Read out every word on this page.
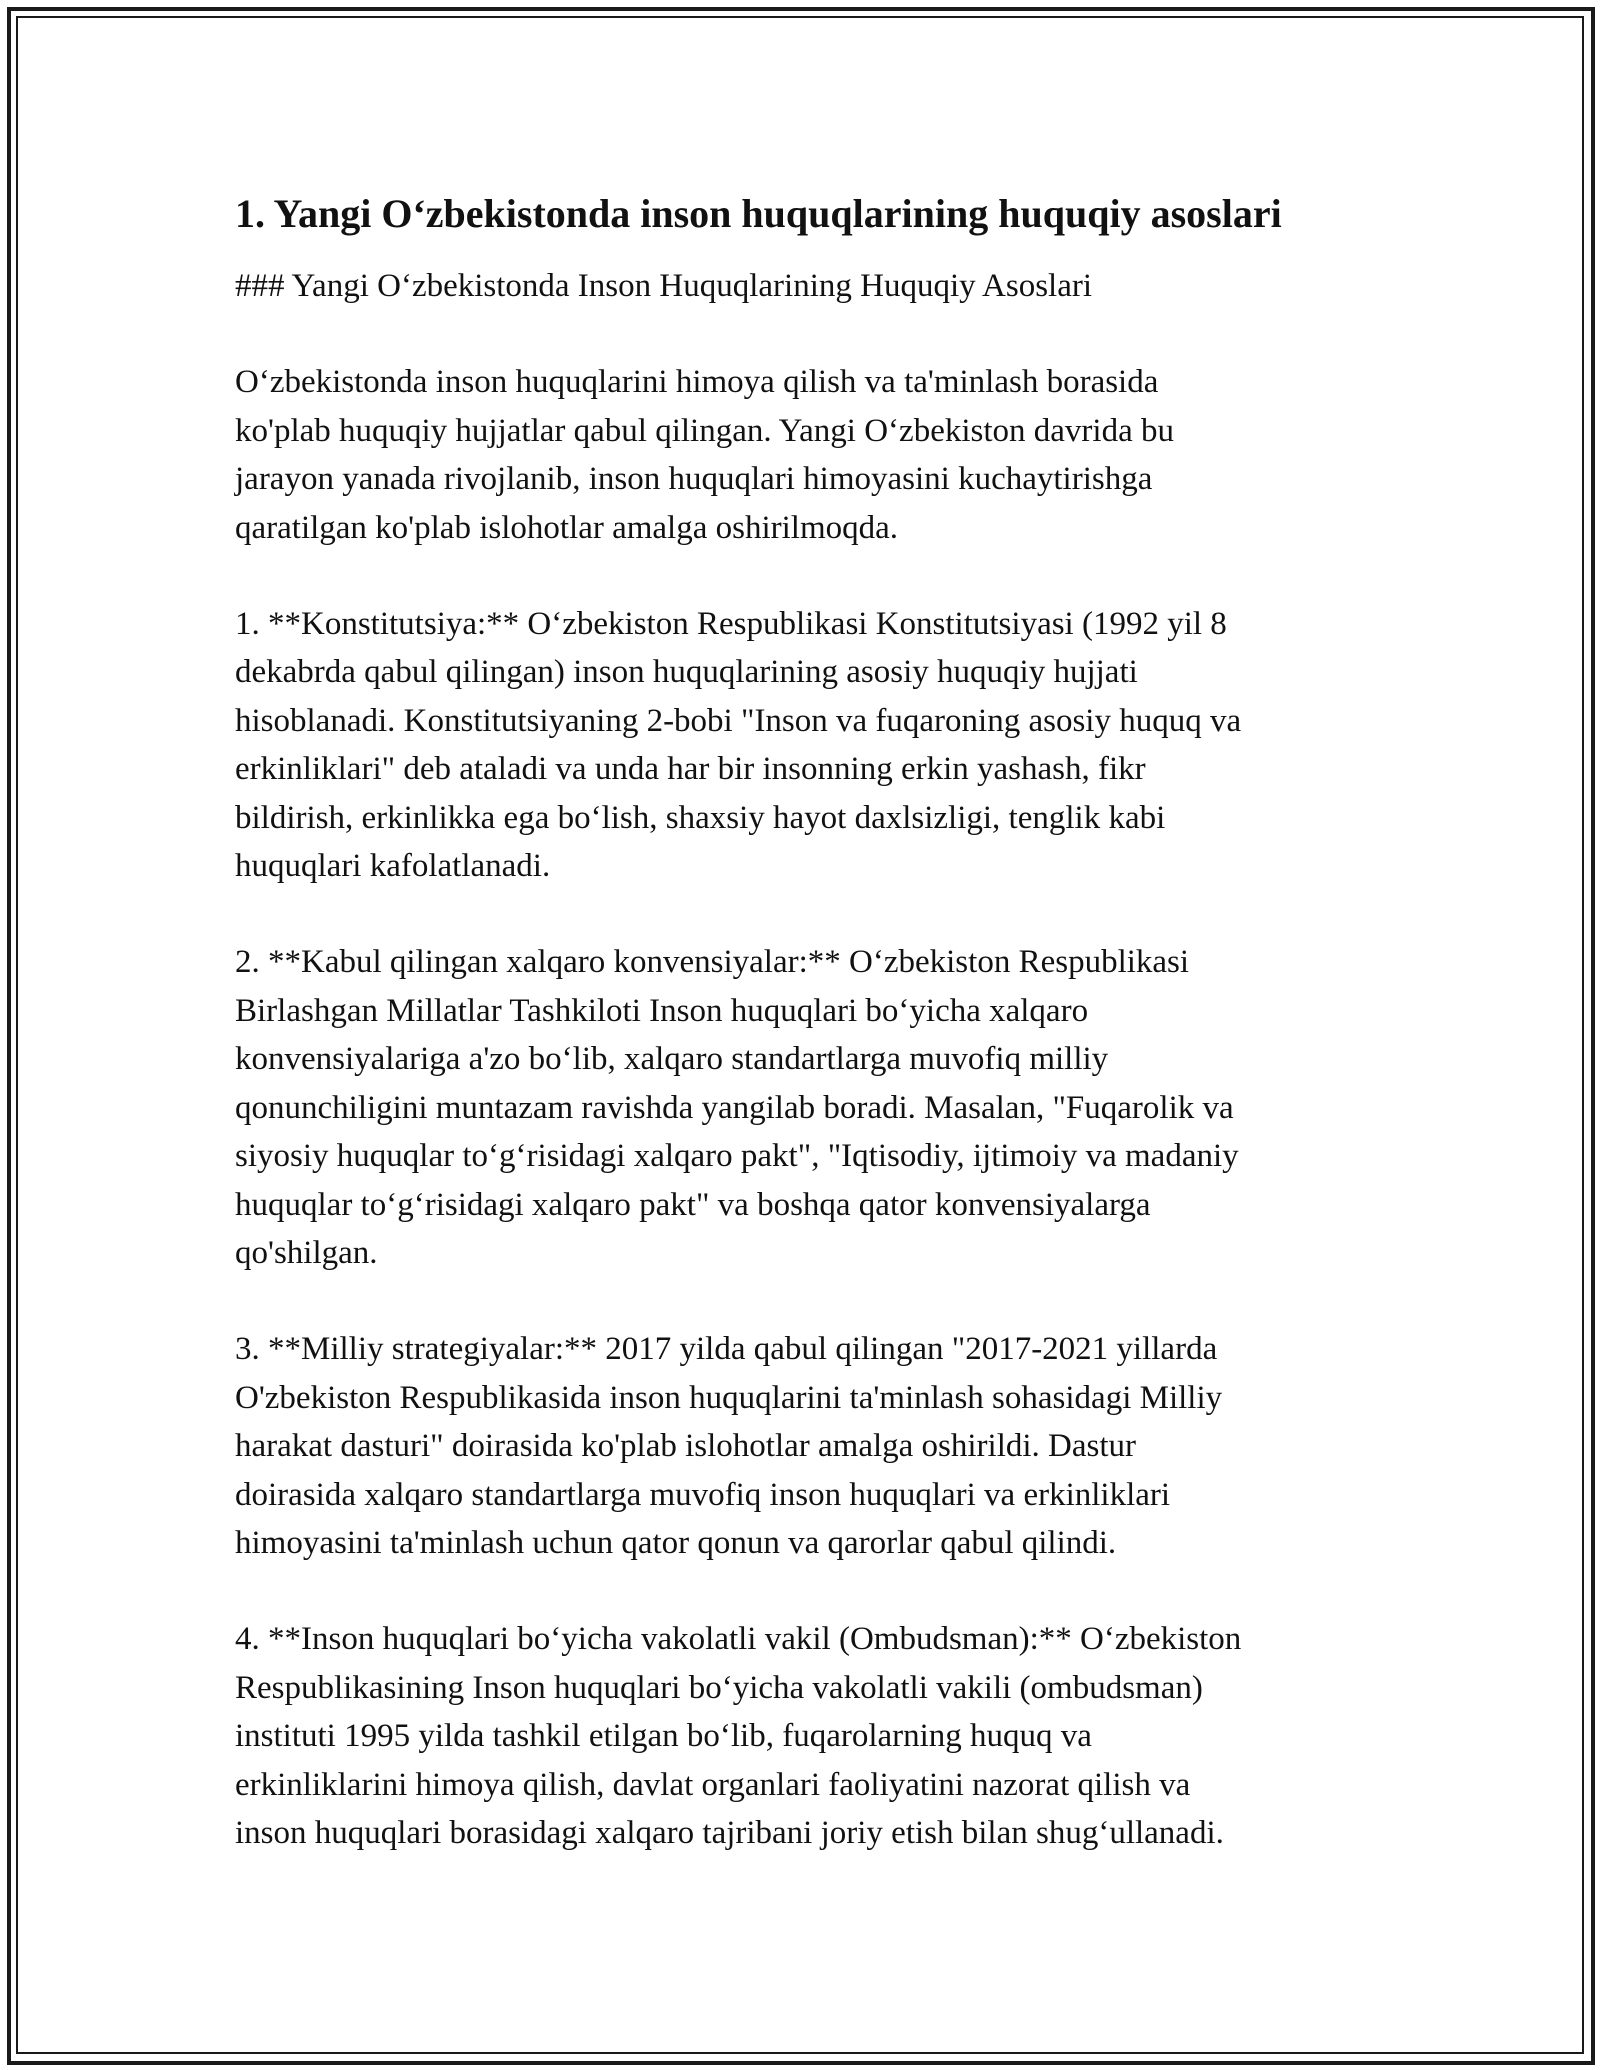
1. Yangi O‘zbekistonda inson huquqlarining huquqiy asoslari

### Yangi O‘zbekistonda Inson Huquqlarining Huquqiy Asoslari

O‘zbekistonda inson huquqlarini himoya qilish va ta'minlash borasida
ko'plab huquqiy hujjatlar qabul qilingan. Yangi O‘zbekiston davrida bu
jarayon yanada rivojlanib, inson huquqlari himoyasini kuchaytirishga
qaratilgan ko'plab islohotlar amalga oshirilmoqda.

1. **Konstitutsiya:** O‘zbekiston Respublikasi Konstitutsiyasi (1992 yil 8
dekabrda qabul qilingan) inson huquqlarining asosiy huquqiy hujjati
hisoblanadi. Konstitutsiyaning 2-bobi "Inson va fuqaroning asosiy huquq va
erkinliklari" deb ataladi va unda har bir insonning erkin yashash, fikr
bildirish, erkinlikka ega bo‘lish, shaxsiy hayot daxlsizligi, tenglik kabi
huquqlari kafolatlanadi.

2. **Kabul qilingan xalqaro konvensiyalar:** O‘zbekiston Respublikasi
Birlashgan Millatlar Tashkiloti Inson huquqlari bo‘yicha xalqaro
konvensiyalariga a'zo bo‘lib, xalqaro standartlarga muvofiq milliy
qonunchiligini muntazam ravishda yangilab boradi. Masalan, "Fuqarolik va
siyosiy huquqlar to‘g‘risidagi xalqaro pakt", "Iqtisodiy, ijtimoiy va madaniy
huquqlar to‘g‘risidagi xalqaro pakt" va boshqa qator konvensiyalarga
qo'shilgan.

3. **Milliy strategiyalar:** 2017 yilda qabul qilingan "2017-2021 yillarda
O'zbekiston Respublikasida inson huquqlarini ta'minlash sohasidagi Milliy
harakat dasturi" doirasida ko'plab islohotlar amalga oshirildi. Dastur
doirasida xalqaro standartlarga muvofiq inson huquqlari va erkinliklari
himoyasini ta'minlash uchun qator qonun va qarorlar qabul qilindi.

4. **Inson huquqlari bo‘yicha vakolatli vakil (Ombudsman):** O‘zbekiston
Respublikasining Inson huquqlari bo‘yicha vakolatli vakili (ombudsman)
instituti 1995 yilda tashkil etilgan bo‘lib, fuqarolarning huquq va
erkinliklarini himoya qilish, davlat organlari faoliyatini nazorat qilish va
inson huquqlari borasidagi xalqaro tajribani joriy etish bilan shug‘ullanadi.
